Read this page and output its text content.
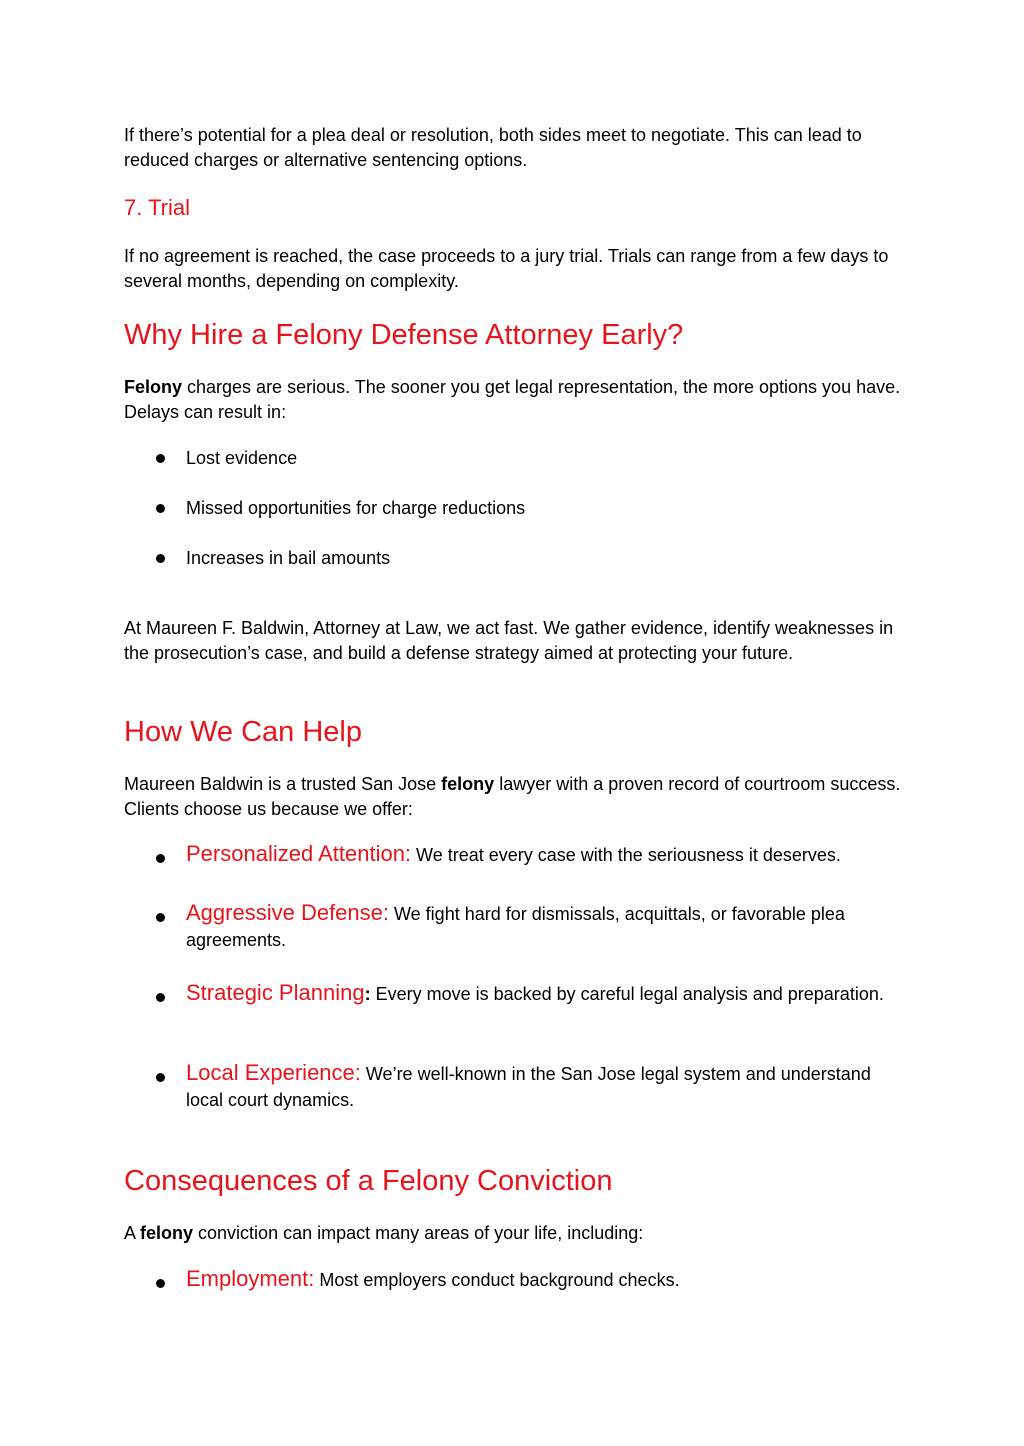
If there’s potential for a plea deal or resolution, both sides meet to negotiate. This can lead to reduced charges or alternative sentencing options.

7. Trial

If no agreement is reached, the case proceeds to a jury trial. Trials can range from a few days to several months, depending on complexity.

Why Hire a Felony Defense Attorney Early?

Felony charges are serious. The sooner you get legal representation, the more options you have. Delays can result in:

Lost evidence
Missed opportunities for charge reductions
Increases in bail amounts

At Maureen F. Baldwin, Attorney at Law, we act fast. We gather evidence, identify weaknesses in the prosecution’s case, and build a defense strategy aimed at protecting your future.

How We Can Help

Maureen Baldwin is a trusted San Jose felony lawyer with a proven record of courtroom success. Clients choose us because we offer:

Personalized Attention: We treat every case with the seriousness it deserves.
Aggressive Defense: We fight hard for dismissals, acquittals, or favorable plea agreements.
Strategic Planning: Every move is backed by careful legal analysis and preparation.
Local Experience: We’re well-known in the San Jose legal system and understand local court dynamics.
Consequences of a Felony Conviction

A felony conviction can impact many areas of your life, including:

Employment: Most employers conduct background checks.
